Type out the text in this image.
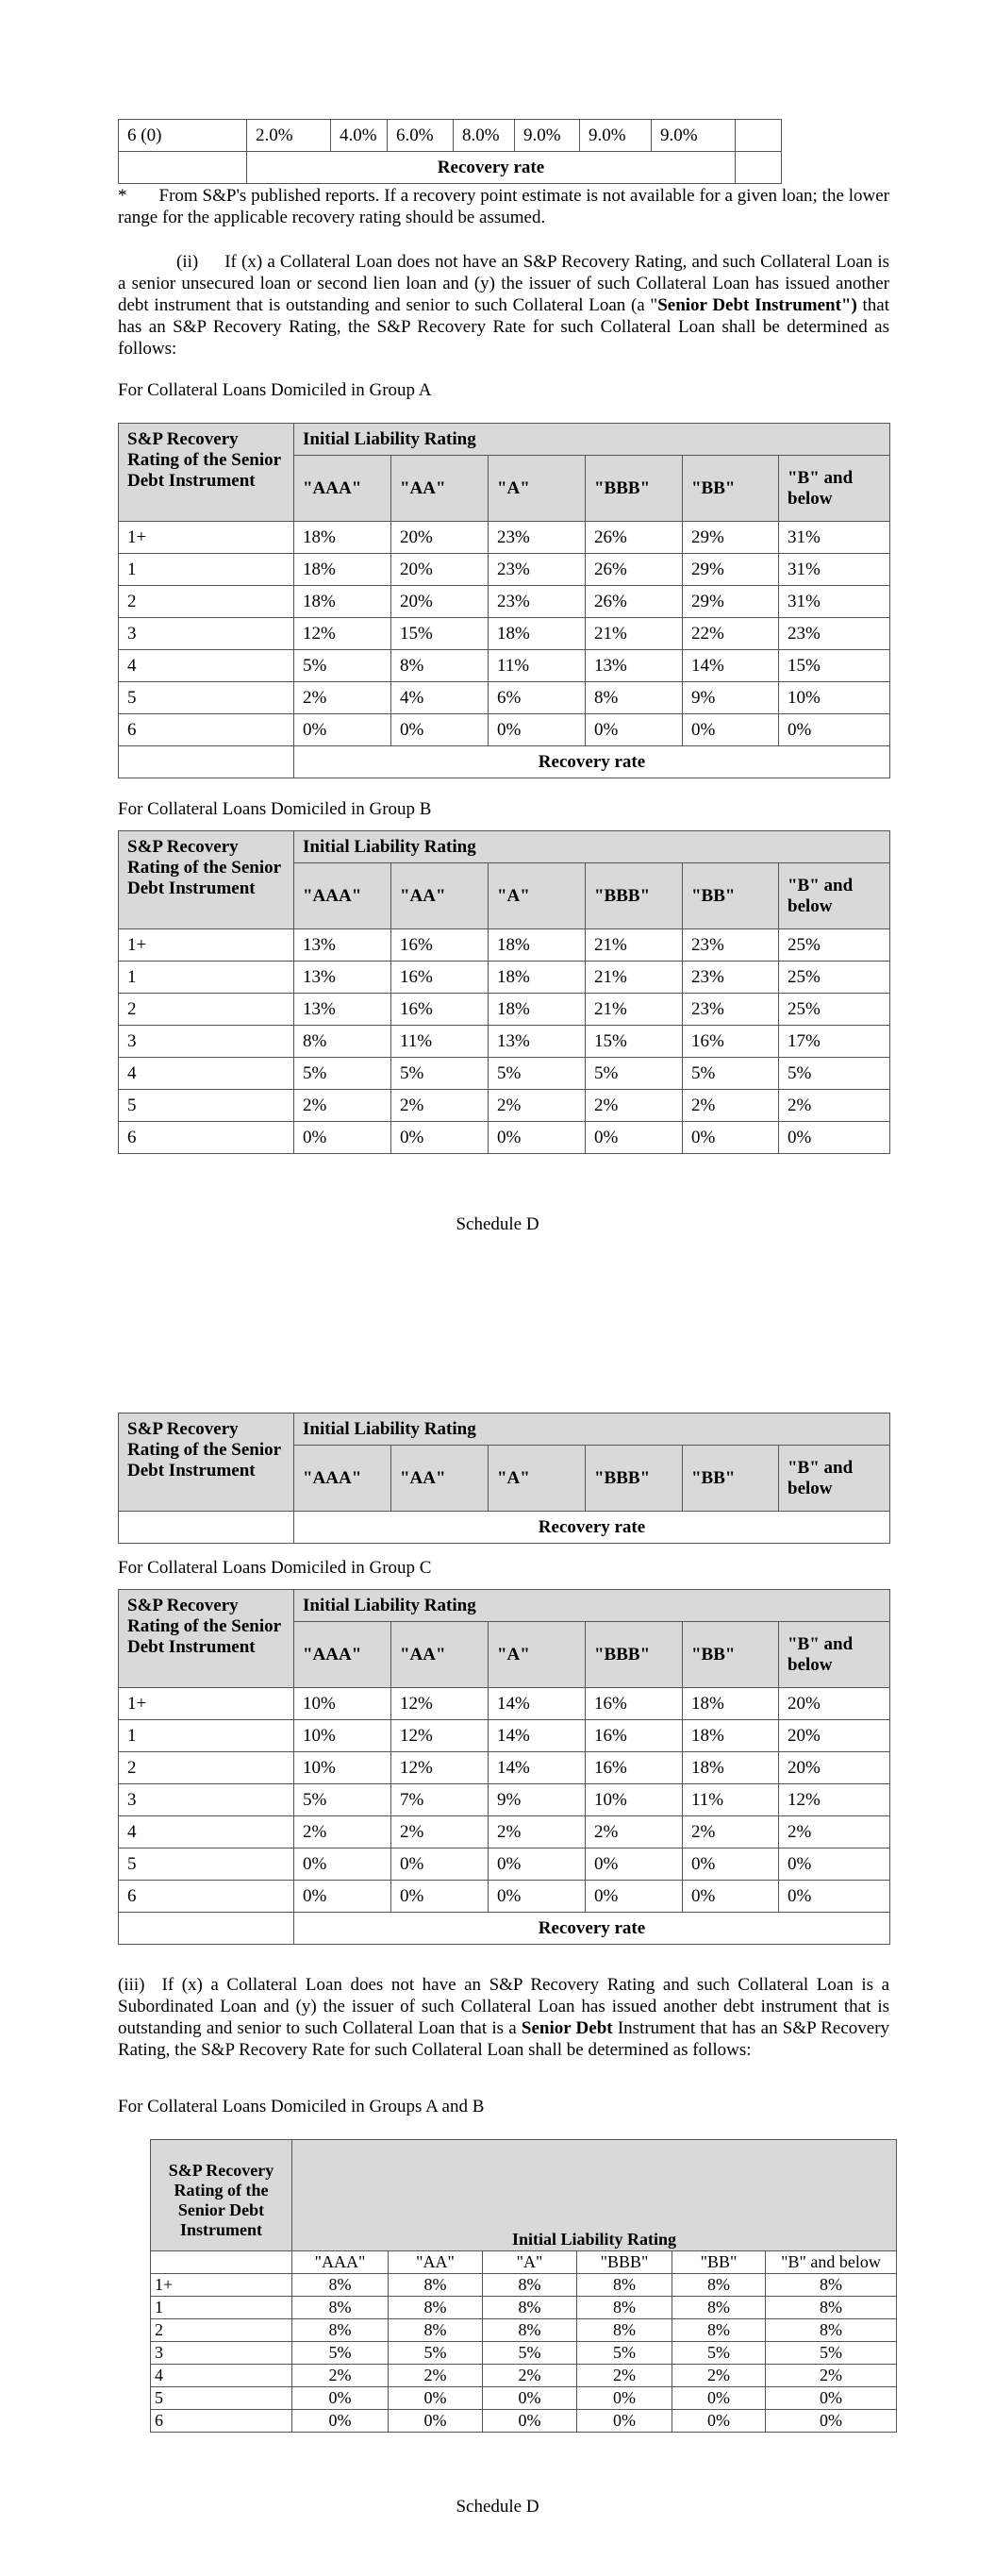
6 (0)	2.0%	4.0%	6.0%	8.0%	9.0%	9.0%	9.0%	
	Recovery rate							
* From S&P's published reports. If a recovery point estimate is not available for a given loan; the lower range for the applicable recovery rating should be assumed.
(ii) If (x) a Collateral Loan does not have an S&P Recovery Rating, and such Collateral Loan is a senior unsecured loan or second lien loan and (y) the issuer of such Collateral Loan has issued another debt instrument that is outstanding and senior to such Collateral Loan (a "Senior Debt Instrument") that has an S&P Recovery Rating, the S&P Recovery Rate for such Collateral Loan shall be determined as follows:
For Collateral Loans Domiciled in Group A
S&P Recovery Rating of the Senior Debt Instrument	Initial Liability Rating					
	"AAA"	"AA"	"A"	"BBB"	"BB"	"B" and below
1+	18%	20%	23%	26%	29%	31%
1	18%	20%	23%	26%	29%	31%
2	18%	20%	23%	26%	29%	31%
3	12%	15%	18%	21%	22%	23%
4	5%	8%	11%	13%	14%	15%
5	2%	4%	6%	8%	9%	10%
6	0%	0%	0%	0%	0%	0%
	Recovery rate					
For Collateral Loans Domiciled in Group B
S&P Recovery Rating of the Senior Debt Instrument	Initial Liability Rating					
	"AAA"	"AA"	"A"	"BBB"	"BB"	"B" and below
1+	13%	16%	18%	21%	23%	25%
1	13%	16%	18%	21%	23%	25%
2	13%	16%	18%	21%	23%	25%
3	8%	11%	13%	15%	16%	17%
4	5%	5%	5%	5%	5%	5%
5	2%	2%	2%	2%	2%	2%
6	0%	0%	0%	0%	0%	0%
Schedule D
S&P Recovery Rating of the Senior Debt Instrument	Initial Liability Rating					
	"AAA"	"AA"	"A"	"BBB"	"BB"	"B" and below
	Recovery rate					
For Collateral Loans Domiciled in Group C
S&P Recovery Rating of the Senior Debt Instrument	Initial Liability Rating					
	"AAA"	"AA"	"A"	"BBB"	"BB"	"B" and below
1+	10%	12%	14%	16%	18%	20%
1	10%	12%	14%	16%	18%	20%
2	10%	12%	14%	16%	18%	20%
3	5%	7%	9%	10%	11%	12%
4	2%	2%	2%	2%	2%	2%
5	0%	0%	0%	0%	0%	0%
6	0%	0%	0%	0%	0%	0%
	Recovery rate					
(iii) If (x) a Collateral Loan does not have an S&P Recovery Rating and such Collateral Loan is a Subordinated Loan and (y) the issuer of such Collateral Loan has issued another debt instrument that is outstanding and senior to such Collateral Loan that is a Senior Debt Instrument that has an S&P Recovery Rating, the S&P Recovery Rate for such Collateral Loan shall be determined as follows:
For Collateral Loans Domiciled in Groups A and B
S&P Recovery Rating of the Senior Debt Instrument	Initial Liability Rating					
	"AAA"	"AA"	"A"	"BBB"	"BB"	"B" and below
1+	8%	8%	8%	8%	8%	8%
1	8%	8%	8%	8%	8%	8%
2	8%	8%	8%	8%	8%	8%
3	5%	5%	5%	5%	5%	5%
4	2%	2%	2%	2%	2%	2%
5	0%	0%	0%	0%	0%	0%
6	0%	0%	0%	0%	0%	0%
Schedule D
